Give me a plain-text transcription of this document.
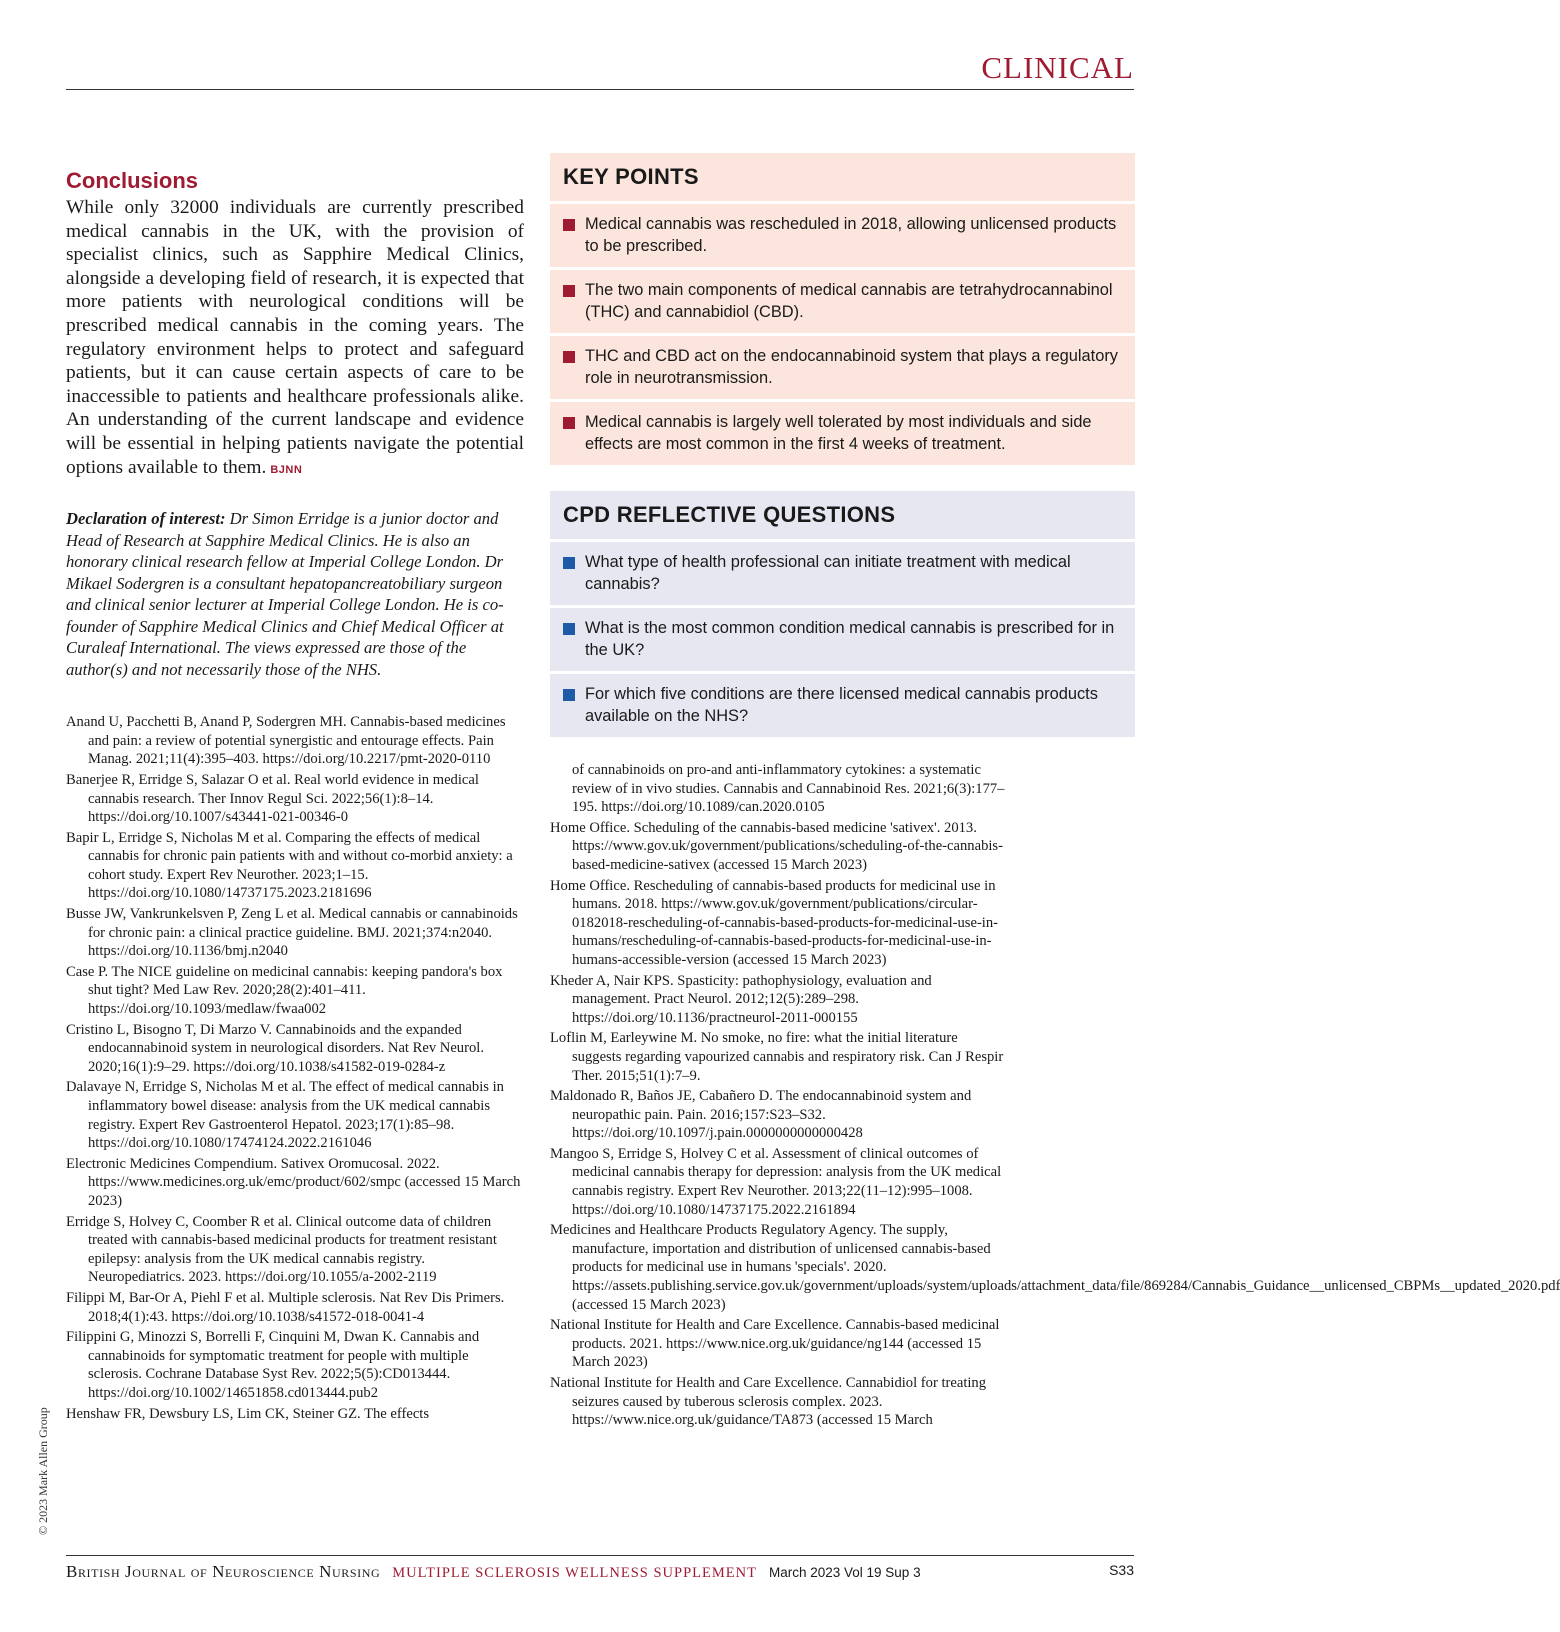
CLINICAL
Conclusions

While only 32000 individuals are currently prescribed medical cannabis in the UK, with the provision of specialist clinics, such as Sapphire Medical Clinics, alongside a developing field of research, it is expected that more patients with neurological conditions will be prescribed medical cannabis in the coming years. The regulatory environment helps to protect and safeguard patients, but it can cause certain aspects of care to be inaccessible to patients and healthcare professionals alike. An understanding of the current landscape and evidence will be essential in helping patients navigate the potential options available to them. BJNN

Declaration of interest: Dr Simon Erridge is a junior doctor and Head of Research at Sapphire Medical Clinics. He is also an honorary clinical research fellow at Imperial College London. Dr Mikael Sodergren is a consultant hepatopancreatobiliary surgeon and clinical senior lecturer at Imperial College London. He is co-founder of Sapphire Medical Clinics and Chief Medical Officer at Curaleaf International. The views expressed are those of the author(s) and not necessarily those of the NHS.

Anand U, Pacchetti B, Anand P, Sodergren MH. Cannabis-based medicines and pain: a review of potential synergistic and entourage effects. Pain Manag. 2021;11(4):395–403. https://doi.org/10.2217/pmt-2020-0110
Banerjee R, Erridge S, Salazar O et al. Real world evidence in medical cannabis research. Ther Innov Regul Sci. 2022;56(1):8–14. https://doi.org/10.1007/s43441-021-00346-0
Bapir L, Erridge S, Nicholas M et al. Comparing the effects of medical cannabis for chronic pain patients with and without co-morbid anxiety: a cohort study. Expert Rev Neurother. 2023;1–15. https://doi.org/10.1080/14737175.2023.2181696
Busse JW, Vankrunkelsven P, Zeng L et al. Medical cannabis or cannabinoids for chronic pain: a clinical practice guideline. BMJ. 2021;374:n2040. https://doi.org/10.1136/bmj.n2040
Case P. The NICE guideline on medicinal cannabis: keeping pandora's box shut tight? Med Law Rev. 2020;28(2):401–411. https://doi.org/10.1093/medlaw/fwaa002
Cristino L, Bisogno T, Di Marzo V. Cannabinoids and the expanded endocannabinoid system in neurological disorders. Nat Rev Neurol. 2020;16(1):9–29. https://doi.org/10.1038/s41582-019-0284-z
Dalavaye N, Erridge S, Nicholas M et al. The effect of medical cannabis in inflammatory bowel disease: analysis from the UK medical cannabis registry. Expert Rev Gastroenterol Hepatol. 2023;17(1):85–98. https://doi.org/10.1080/17474124.2022.2161046
Electronic Medicines Compendium. Sativex Oromucosal. 2022. https://www.medicines.org.uk/emc/product/602/smpc (accessed 15 March 2023)
Erridge S, Holvey C, Coomber R et al. Clinical outcome data of children treated with cannabis-based medicinal products for treatment resistant epilepsy: analysis from the UK medical cannabis registry. Neuropediatrics. 2023. https://doi.org/10.1055/a-2002-2119
Filippi M, Bar-Or A, Piehl F et al. Multiple sclerosis. Nat Rev Dis Primers. 2018;4(1):43. https://doi.org/10.1038/s41572-018-0041-4
Filippini G, Minozzi S, Borrelli F, Cinquini M, Dwan K. Cannabis and cannabinoids for symptomatic treatment for people with multiple sclerosis. Cochrane Database Syst Rev. 2022;5(5):CD013444. https://doi.org/10.1002/14651858.cd013444.pub2
Henshaw FR, Dewsbury LS, Lim CK, Steiner GZ. The effects
KEY POINTS
Medical cannabis was rescheduled in 2018, allowing unlicensed products to be prescribed.
The two main components of medical cannabis are tetrahydrocannabinol (THC) and cannabidiol (CBD).
THC and CBD act on the endocannabinoid system that plays a regulatory role in neurotransmission.
Medical cannabis is largely well tolerated by most individuals and side effects are most common in the first 4 weeks of treatment.
CPD REFLECTIVE QUESTIONS
What type of health professional can initiate treatment with medical cannabis?
What is the most common condition medical cannabis is prescribed for in the UK?
For which five conditions are there licensed medical cannabis products available on the NHS?
of cannabinoids on pro-and anti-inflammatory cytokines: a systematic review of in vivo studies. Cannabis and Cannabinoid Res. 2021;6(3):177–195. https://doi.org/10.1089/can.2020.0105
Home Office. Scheduling of the cannabis-based medicine 'sativex'. 2013. https://www.gov.uk/government/publications/scheduling-of-the-cannabis-based-medicine-sativex (accessed 15 March 2023)
Home Office. Rescheduling of cannabis-based products for medicinal use in humans. 2018. https://www.gov.uk/government/publications/circular-0182018-rescheduling-of-cannabis-based-products-for-medicinal-use-in-humans/rescheduling-of-cannabis-based-products-for-medicinal-use-in-humans-accessible-version (accessed 15 March 2023)
Kheder A, Nair KPS. Spasticity: pathophysiology, evaluation and management. Pract Neurol. 2012;12(5):289–298. https://doi.org/10.1136/practneurol-2011-000155
Loflin M, Earleywine M. No smoke, no fire: what the initial literature suggests regarding vapourized cannabis and respiratory risk. Can J Respir Ther. 2015;51(1):7–9.
Maldonado R, Baños JE, Cabañero D. The endocannabinoid system and neuropathic pain. Pain. 2016;157:S23–S32. https://doi.org/10.1097/j.pain.0000000000000428
Mangoo S, Erridge S, Holvey C et al. Assessment of clinical outcomes of medicinal cannabis therapy for depression: analysis from the UK medical cannabis registry. Expert Rev Neurother. 2013;22(11–12):995–1008. https://doi.org/10.1080/14737175.2022.2161894
Medicines and Healthcare Products Regulatory Agency. The supply, manufacture, importation and distribution of unlicensed cannabis-based products for medicinal use in humans 'specials'. 2020. https://assets.publishing.service.gov.uk/government/uploads/system/uploads/attachment_data/file/869284/Cannabis_Guidance__unlicensed_CBPMs__updated_2020.pdf (accessed 15 March 2023)
National Institute for Health and Care Excellence. Cannabis-based medicinal products. 2021. https://www.nice.org.uk/guidance/ng144 (accessed 15 March 2023)
National Institute for Health and Care Excellence. Cannabidiol for treating seizures caused by tuberous sclerosis complex. 2023. https://www.nice.org.uk/guidance/TA873 (accessed 15 March
© 2023 Mark Allen Group
British Journal of Neuroscience Nursing MULTIPLE SCLEROSIS WELLNESS SUPPLEMENT March 2023 Vol 19 Sup 3	S33
